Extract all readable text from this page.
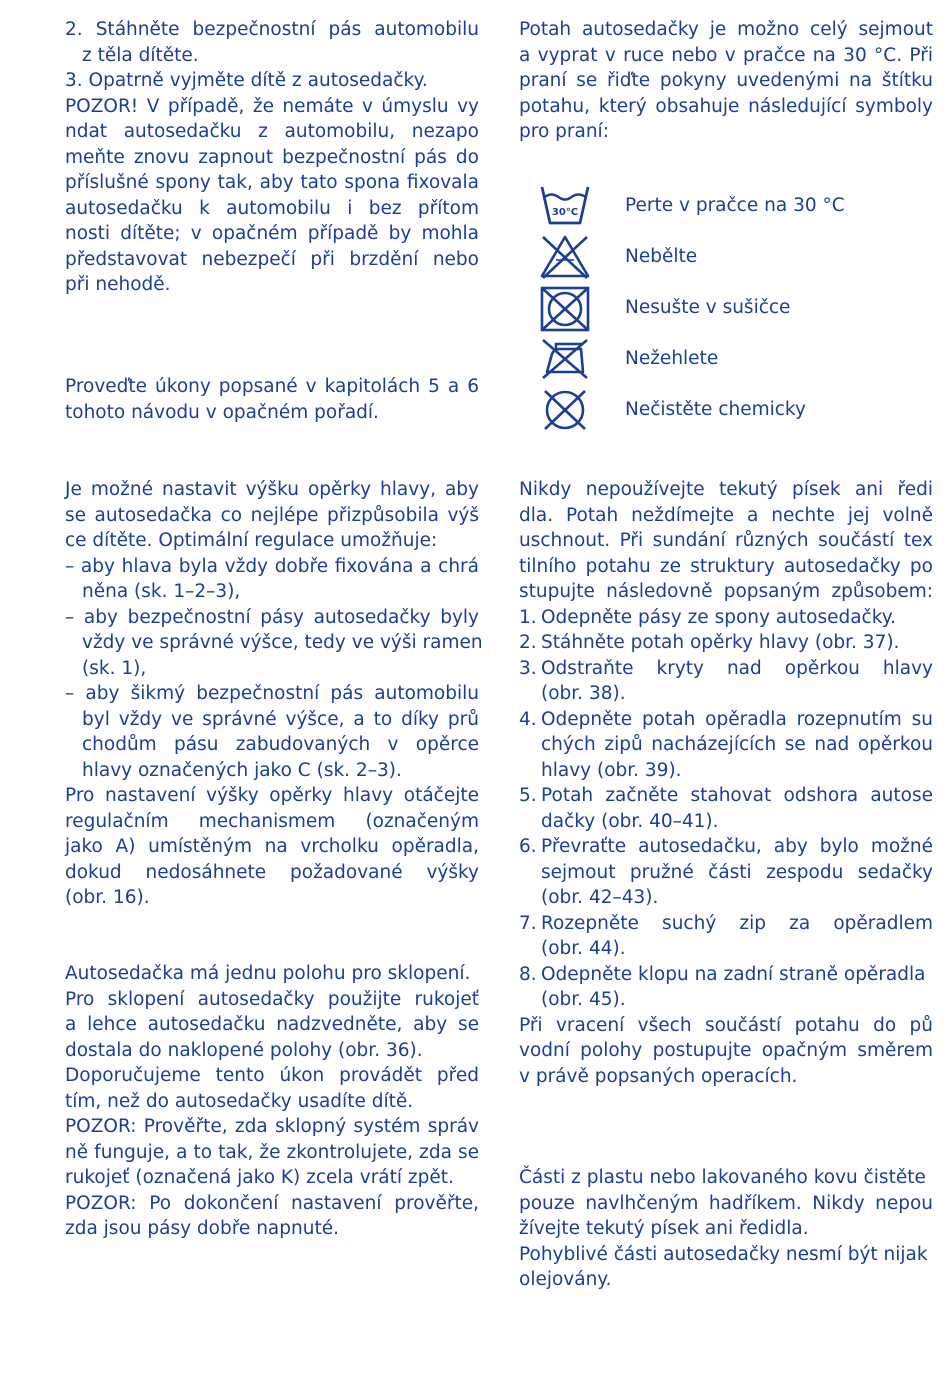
2. Stáhněte bezpečnostní pás automobilu
z těla dítěte.
3. Opatrně vyjměte dítě z autosedačky.
POZOR! V případě, že nemáte v úmyslu vy
ndat autosedačku z automobilu, nezapo
meňte znovu zapnout bezpečnostní pás do
příslušné spony tak, aby tato spona fixovala
autosedačku k automobilu i bez přítom
nosti dítěte; v opačném případě by mohla
představovat nebezpečí při brzdění nebo
při nehodě.
Proveďte úkony popsané v kapitolách 5 a 6
tohoto návodu v opačném pořadí.
Je možné nastavit výšku opěrky hlavy, aby
se autosedačka co nejlépe přizpůsobila výš
ce dítěte. Optimální regulace umožňuje:
– aby hlava byla vždy dobře fixována a chrá
něna (sk. 1–2–3),
– aby bezpečnostní pásy autosedačky byly
vždy ve správné výšce, tedy ve výši ramen
(sk. 1),
– aby šikmý bezpečnostní pás automobilu
byl vždy ve správné výšce, a to díky prů
chodům pásu zabudovaných v opěrce
hlavy označených jako C (sk. 2–3).
Pro nastavení výšky opěrky hlavy otáčejte
regulačním mechanismem (označeným
jako A) umístěným na vrcholku opěradla,
dokud nedosáhnete požadované výšky
(obr. 16).
Autosedačka má jednu polohu pro sklopení.
Pro sklopení autosedačky použijte rukojeť
a lehce autosedačku nadzvedněte, aby se
dostala do naklopené polohy (obr. 36).
Doporučujeme tento úkon provádět před
tím, než do autosedačky usadíte dítě.
POZOR: Prověřte, zda sklopný systém správ
ně funguje, a to tak, že zkontrolujete, zda se
rukojeť (označená jako K) zcela vrátí zpět.
POZOR: Po dokončení nastavení prověřte,
zda jsou pásy dobře napnuté.
Potah autosedačky je možno celý sejmout
a vyprat v ruce nebo v pračce na 30 °C. Při
praní se řiďte pokyny uvedenými na štítku
potahu, který obsahuje následující symboly
pro praní:
30°C	Perte v pračce na 30 °C
Nebělte
Nesušte v sušičce
Nežehlete
Nečistěte chemicky
Nikdy nepoužívejte tekutý písek ani ředi
dla. Potah neždímejte a nechte jej volně
uschnout. Při sundání různých součástí tex
tilního potahu ze struktury autosedačky po
stupujte následovně popsaným způsobem:
1. Odepněte pásy ze spony autosedačky.
2. Stáhněte potah opěrky hlavy (obr. 37).
3. Odstraňte kryty nad opěrkou hlavy
(obr. 38).
4. Odepněte potah opěradla rozepnutím su
chých zipů nacházejících se nad opěrkou
hlavy (obr. 39).
5. Potah začněte stahovat odshora autose
dačky (obr. 40–41).
6. Převraťte autosedačku, aby bylo možné
sejmout pružné části zespodu sedačky
(obr. 42–43).
7. Rozepněte suchý zip za opěradlem
(obr. 44).
8. Odepněte klopu na zadní straně opěradla
(obr. 45).
Při vracení všech součástí potahu do pů
vodní polohy postupujte opačným směrem
v právě popsaných operacích.
Části z plastu nebo lakovaného kovu čistěte
pouze navlhčeným hadříkem. Nikdy nepou
žívejte tekutý písek ani ředidla.
Pohyblivé části autosedačky nesmí být nijak
olejovány.
